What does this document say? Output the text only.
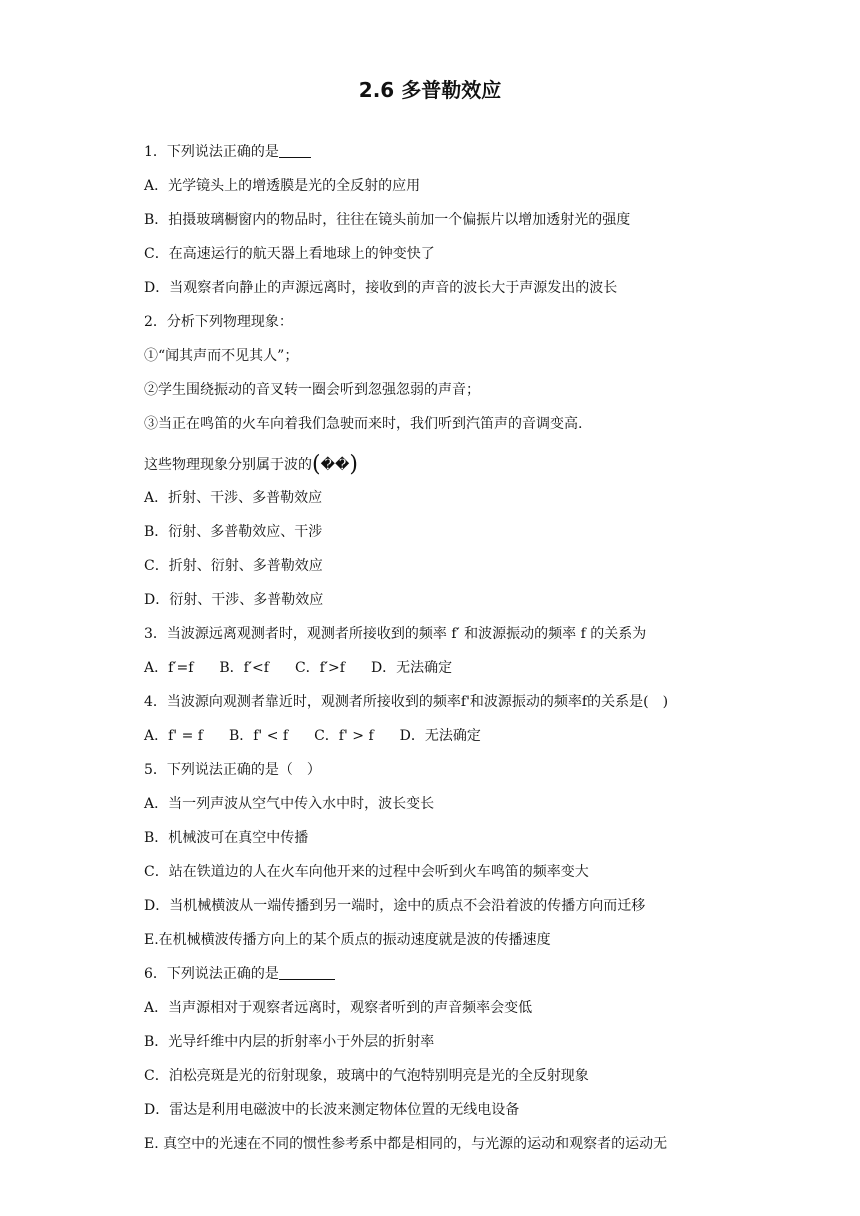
2.6 多普勒效应
1．下列说法正确的是
A．光学镜头上的增透膜是光的全反射的应用
B．拍摄玻璃橱窗内的物品时，往往在镜头前加一个偏振片以增加透射光的强度
C．在高速运行的航天器上看地球上的钟变快了
D．当观察者向静止的声源远离时，接收到的声音的波长大于声源发出的波长
2．分析下列物理现象：
①“闻其声而不见其人”；
②学生围绕振动的音叉转一圈会听到忽强忽弱的声音；
③当正在鸣笛的火车向着我们急驶而来时，我们听到汽笛声的音调变高.
这些物理现象分别属于波的(��)
A．折射、干涉、多普勒效应
B．衍射、多普勒效应、干涉
C．折射、衍射、多普勒效应
D．衍射、干涉、多普勒效应
3．当波源远离观测者时，观测者所接收到的频率 f′ 和波源振动的频率 f 的关系为
A．f′=f B．f′<f C．f′>f D．无法确定
4．当波源向观测者靠近时，观测者所接收到的频率f'和波源振动的频率f的关系是(　)
A．f' = f B．f' < f C．f' > f D．无法确定
5．下列说法正确的是（　）
A．当一列声波从空气中传入水中时，波长变长
B．机械波可在真空中传播
C．站在铁道边的人在火车向他开来的过程中会听到火车鸣笛的频率变大
D．当机械横波从一端传播到另一端时，途中的质点不会沿着波的传播方向而迁移
E.在机械横波传播方向上的某个质点的振动速度就是波的传播速度
6．下列说法正确的是
A．当声源相对于观察者远离时，观察者听到的声音频率会变低
B．光导纤维中内层的折射率小于外层的折射率
C．泊松亮斑是光的衍射现象，玻璃中的气泡特别明亮是光的全反射现象
D．雷达是利用电磁波中的长波来测定物体位置的无线电设备
E. 真空中的光速在不同的惯性参考系中都是相同的，与光源的运动和观察者的运动无
